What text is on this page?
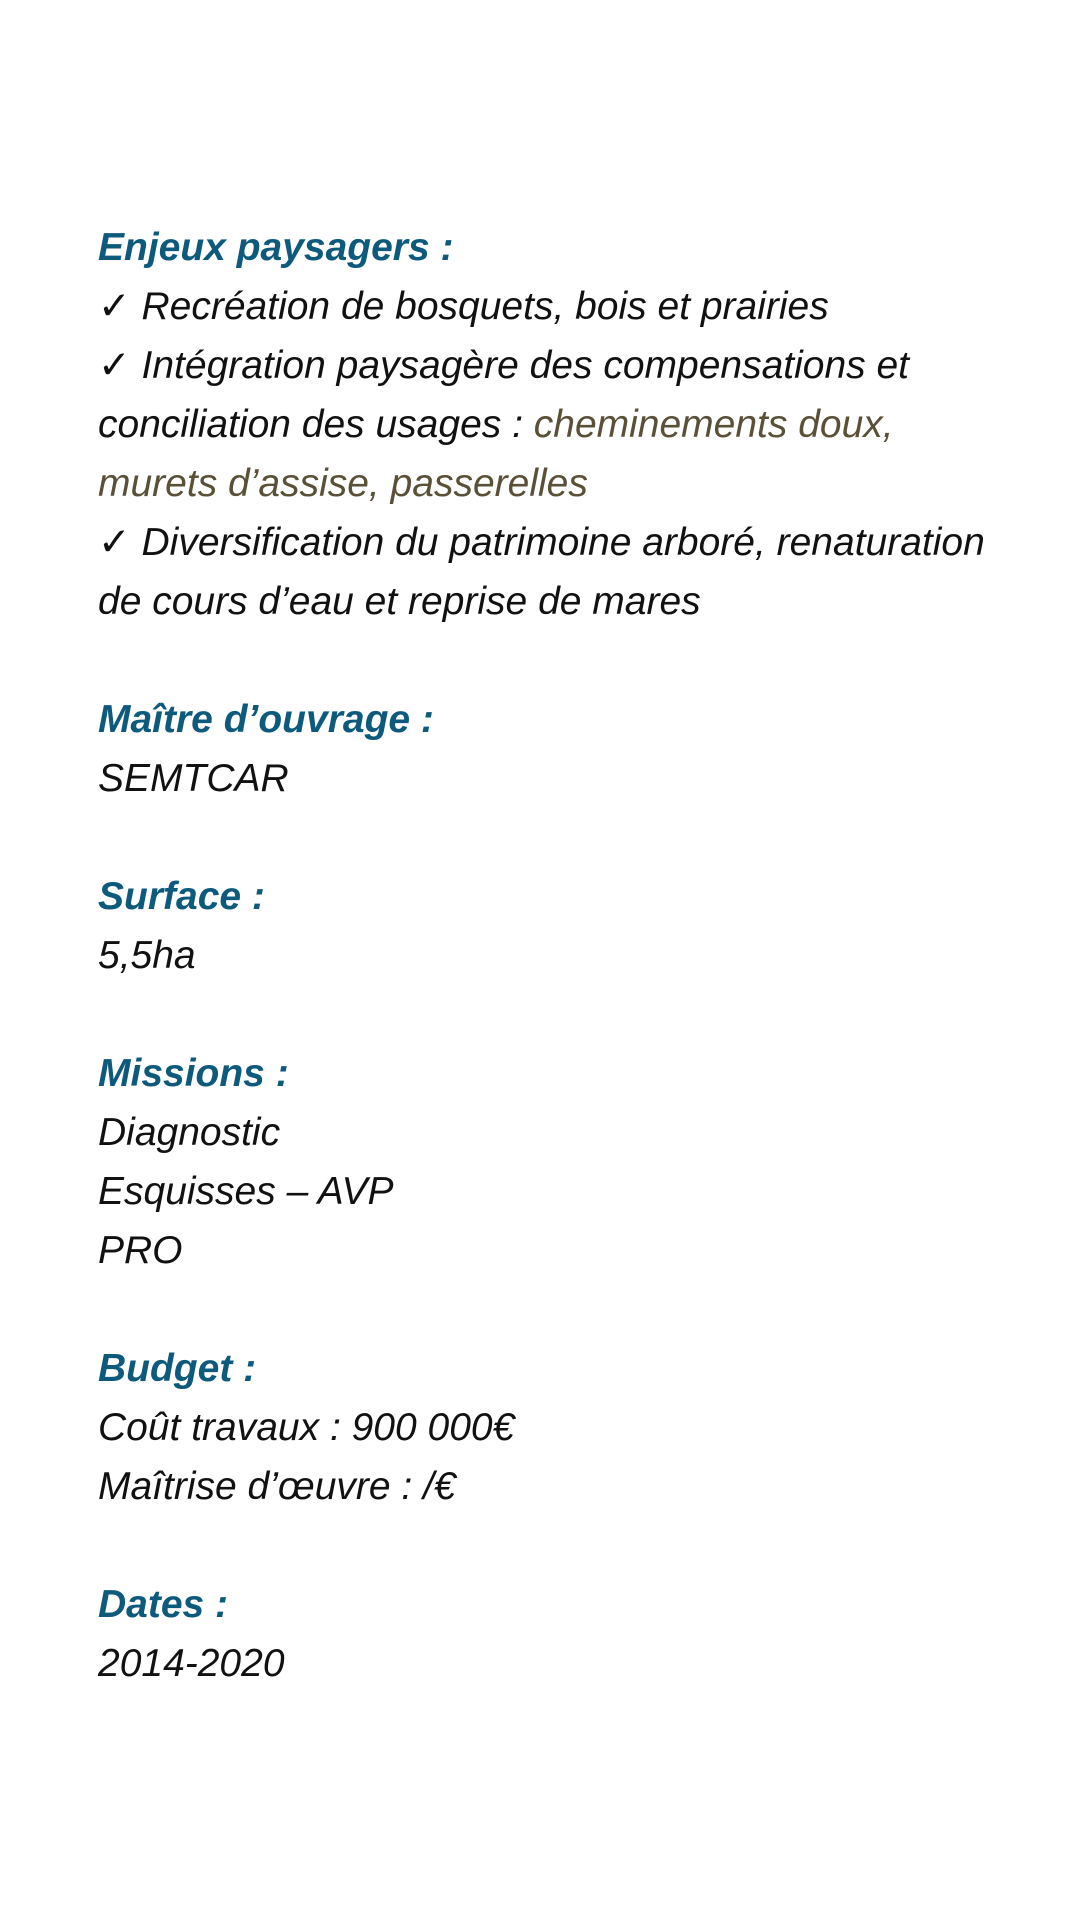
Enjeux paysagers :
✓ Recréation de bosquets, bois et prairies
✓ Intégration paysagère des compensations et conciliation des usages : cheminements doux, murets d’assise, passerelles
✓ Diversification du patrimoine arboré, renaturation de cours d’eau et reprise de mares
Maître d’ouvrage :
SEMTCAR
Surface :
5,5ha
Missions :
Diagnostic
Esquisses – AVP
PRO
Budget :
Coût travaux : 900 000€
Maîtrise d’œuvre : /€
Dates :
2014-2020
